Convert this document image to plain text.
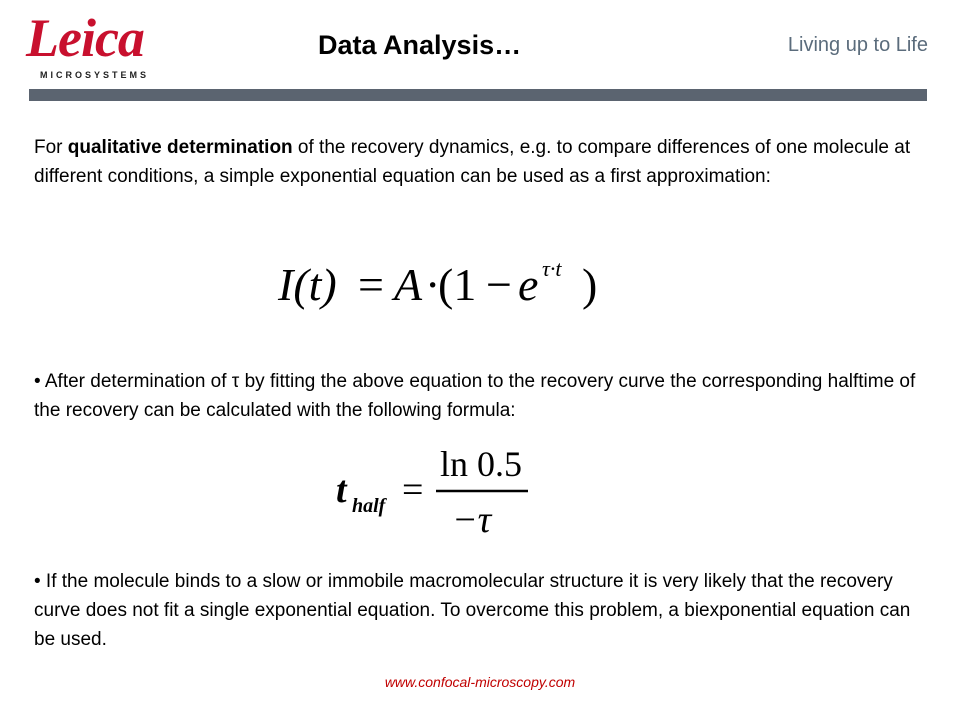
Leica
MICROSYSTEMS
Data Analysis…	Living up to Life

For qualitative determination of the recovery dynamics, e.g. to compare differences of one molecule at different conditions, a simple exponential equation can be used as a first approximation:

I(t) = A ·
(1 − e τ·t )

• After determination of τ by fitting the above equation to the recovery curve the corresponding halftime of the recovery can be calculated with the following formula:

t half =
ln 0.5
−τ

• If the molecule binds to a slow or immobile macromolecular structure it is very likely that the recovery curve does not fit a single exponential equation. To overcome this problem, a biexponential equation can be used.

www.confocal-microscopy.com
